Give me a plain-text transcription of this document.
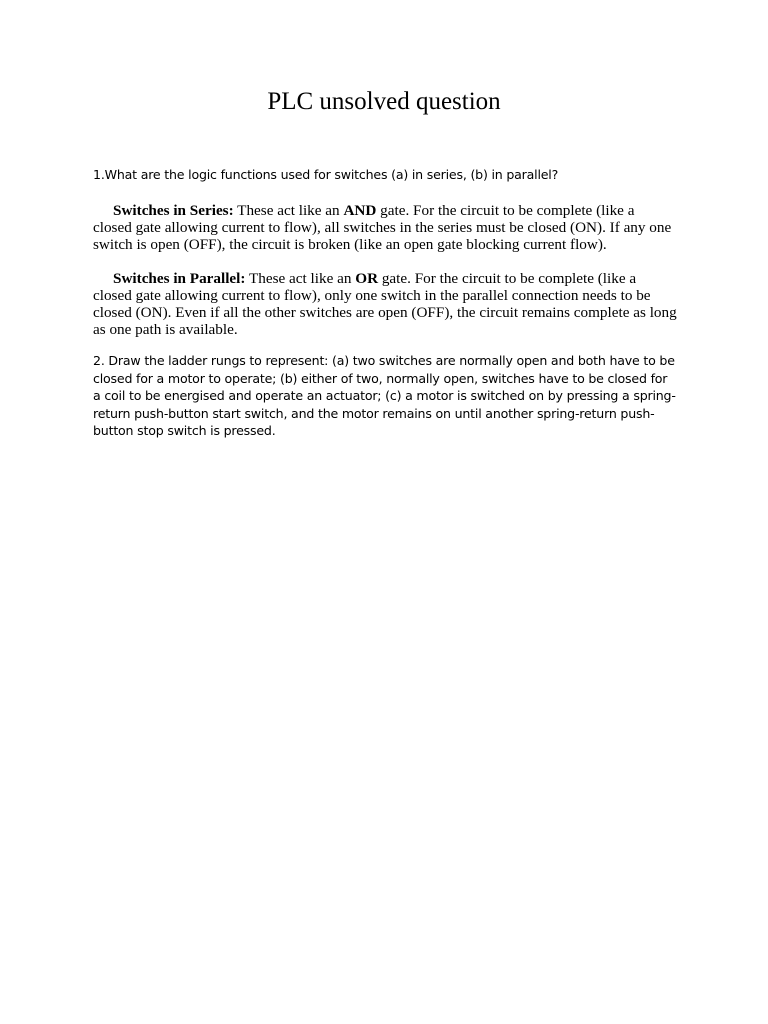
PLC unsolved question

1.What are the logic functions used for switches (a) in series, (b) in parallel?

Switches in Series: These act like an AND gate. For the circuit to be complete (like a closed gate allowing current to flow), all switches in the series must be closed (ON). If any one switch is open (OFF), the circuit is broken (like an open gate blocking current flow).

Switches in Parallel: These act like an OR gate. For the circuit to be complete (like a closed gate allowing current to flow), only one switch in the parallel connection needs to be closed (ON). Even if all the other switches are open (OFF), the circuit remains complete as long as one path is available.

2. Draw the ladder rungs to represent: (a) two switches are normally open and both have to be closed for a motor to operate; (b) either of two, normally open, switches have to be closed for a coil to be energised and operate an actuator; (c) a motor is switched on by pressing a spring-return push-button start switch, and the motor remains on until another spring-return push-button stop switch is pressed.
